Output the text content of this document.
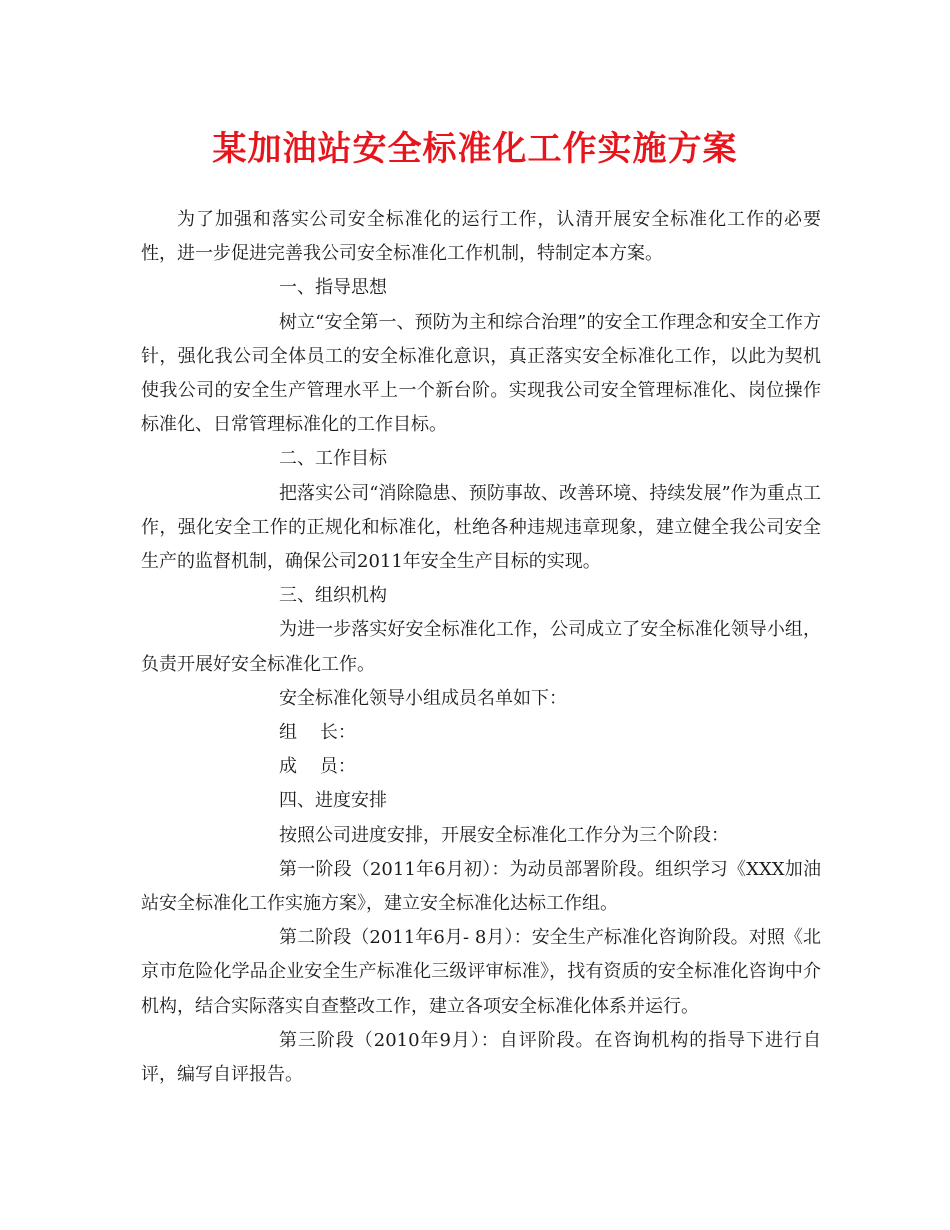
某加油站安全标准化工作实施方案

为了加强和落实公司安全标准化的运行工作，认清开展安全标准化工作的必要性，进一步促进完善我公司安全标准化工作机制，特制定本方案。

一、指导思想

树立“安全第一、预防为主和综合治理”的安全工作理念和安全工作方针，强化我公司全体员工的安全标准化意识，真正落实安全标准化工作，以此为契机使我公司的安全生产管理水平上一个新台阶。实现我公司安全管理标准化、岗位操作标准化、日常管理标准化的工作目标。

二、工作目标

把落实公司“消除隐患、预防事故、改善环境、持续发展”作为重点工作，强化安全工作的正规化和标准化，杜绝各种违规违章现象，建立健全我公司安全生产的监督机制，确保公司2011年安全生产目标的实现。

三、组织机构

为进一步落实好安全标准化工作，公司成立了安全标准化领导小组，负责开展好安全标准化工作。

安全标准化领导小组成员名单如下：

组    长：

成    员：

四、进度安排

按照公司进度安排，开展安全标准化工作分为三个阶段：

第一阶段（2011年6月初）：为动员部署阶段。组织学习《XXX加油站安全标准化工作实施方案》，建立安全标准化达标工作组。

第二阶段（2011年6月- 8月）：安全生产标准化咨询阶段。对照《北京市危险化学品企业安全生产标准化三级评审标准》，找有资质的安全标准化咨询中介机构，结合实际落实自查整改工作，建立各项安全标准化体系并运行。

第三阶段（2010年9月）：自评阶段。在咨询机构的指导下进行自评，编写自评报告。
